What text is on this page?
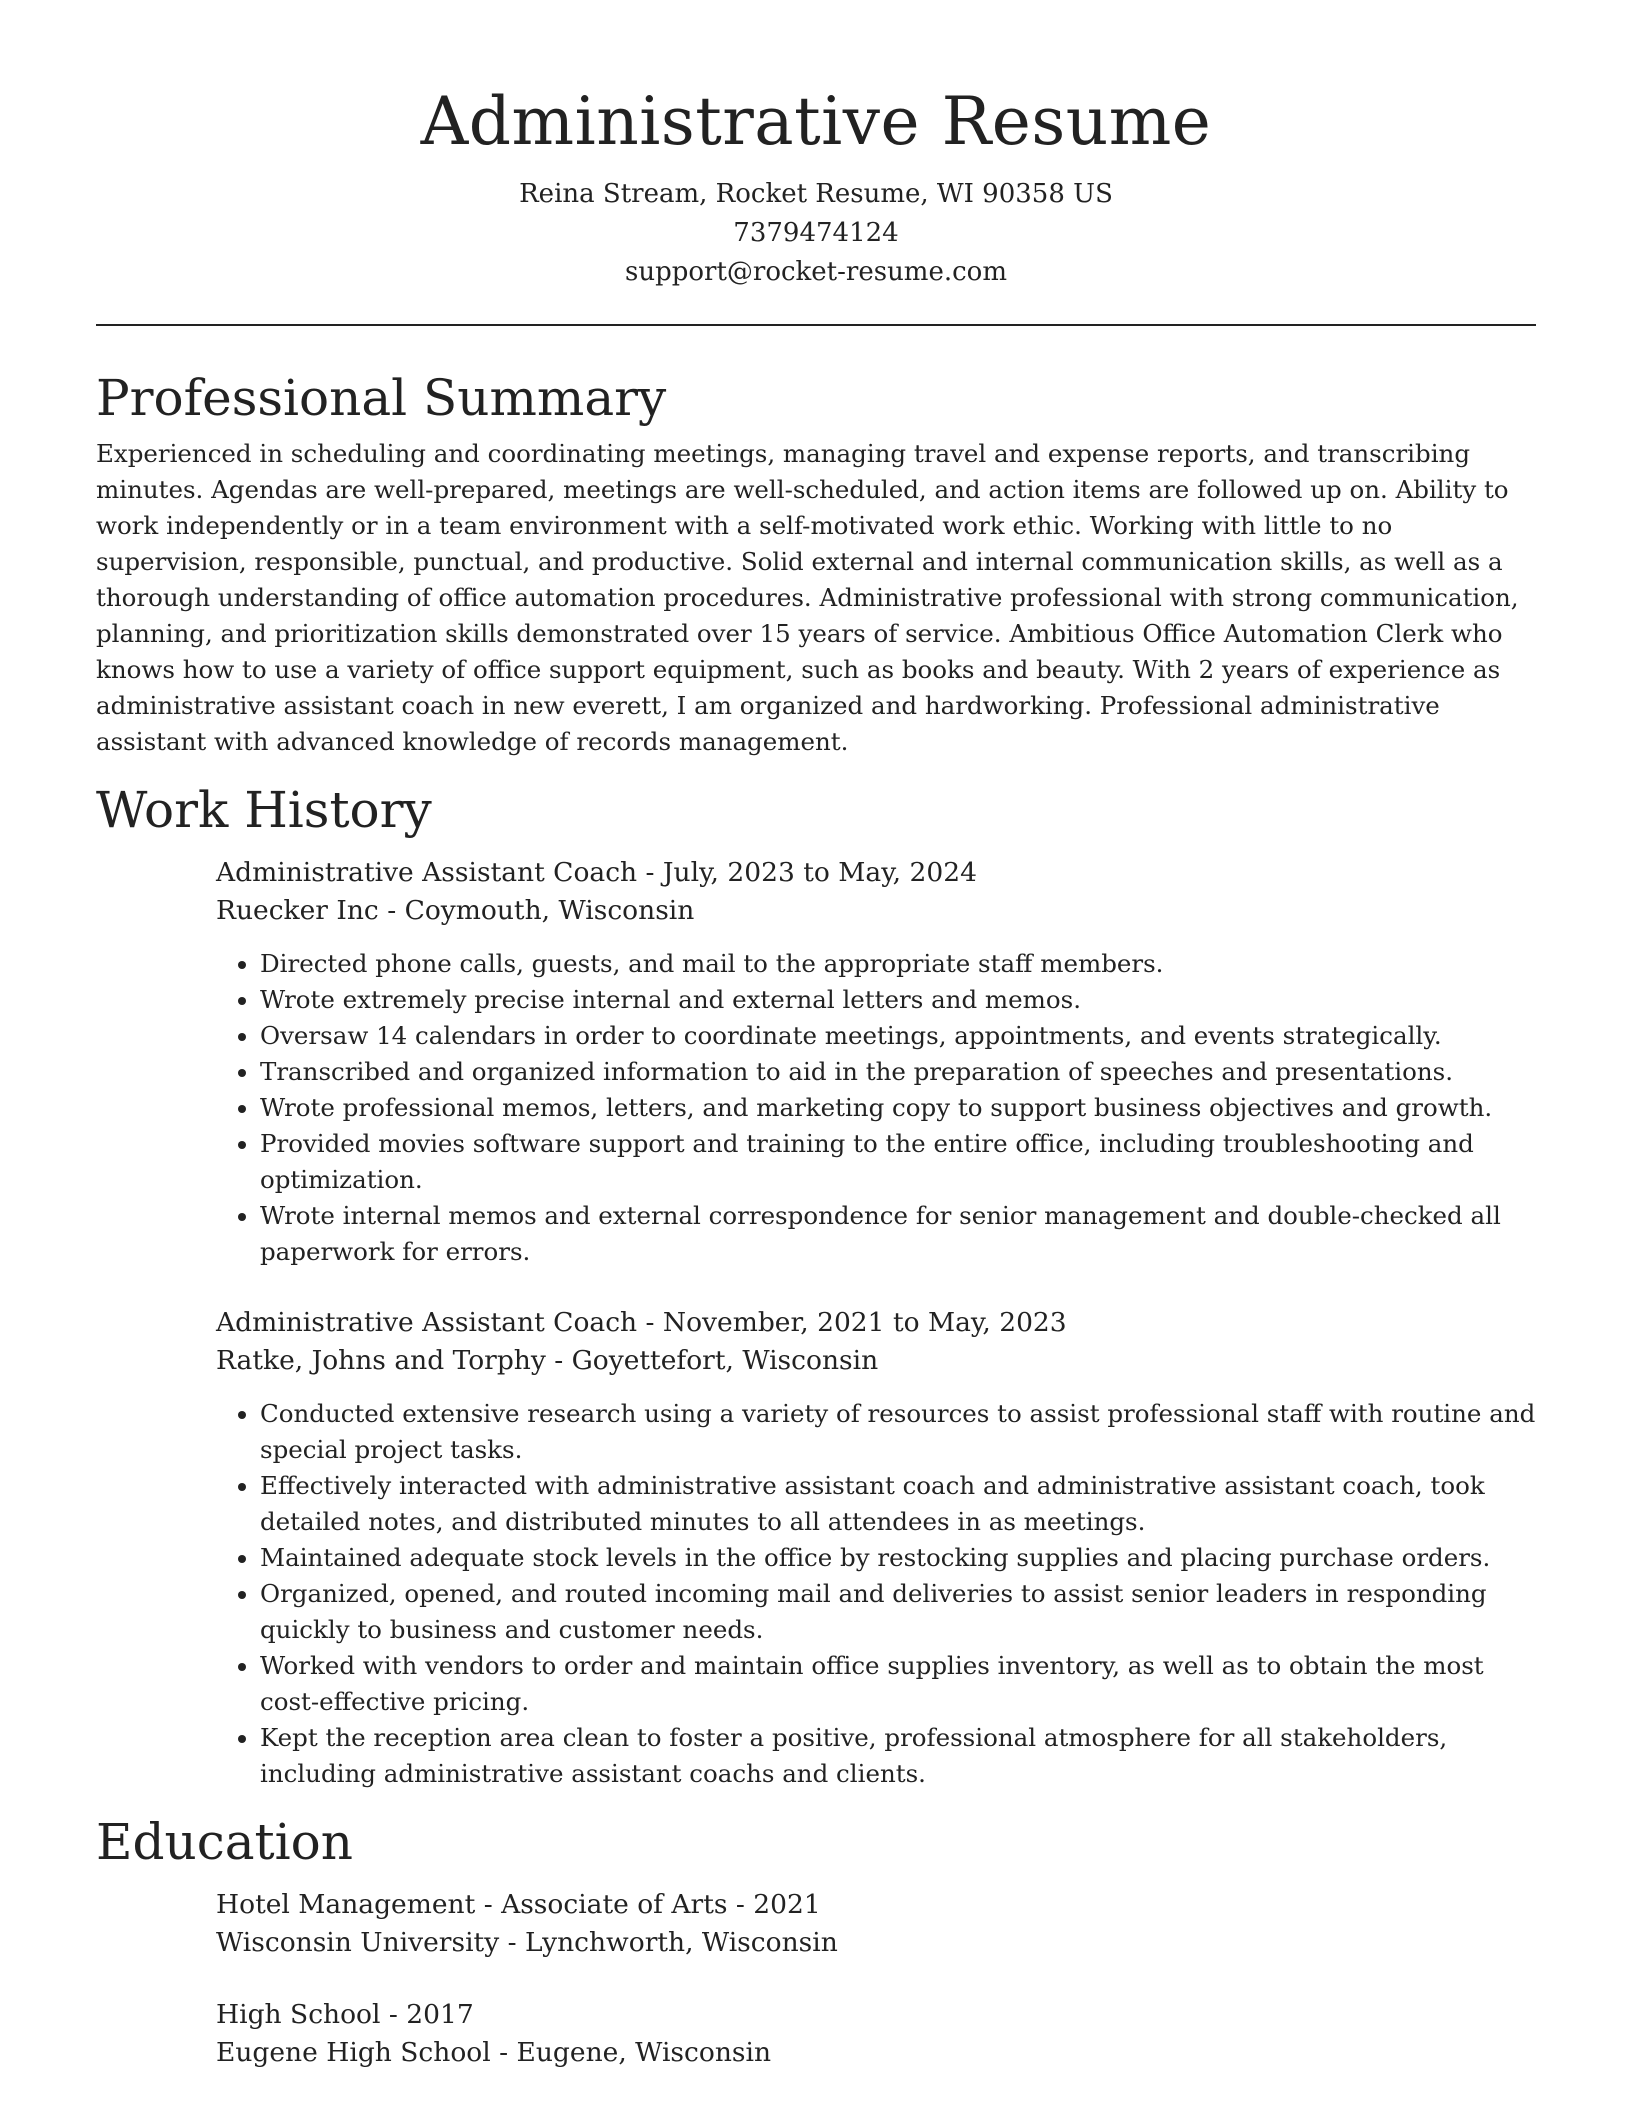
Administrative Resume
Reina Stream, Rocket Resume, WI 90358 US
7379474124
support@rocket-resume.com
Professional Summary

Experienced in scheduling and coordinating meetings, managing travel and expense reports, and transcribing minutes. Agendas are well-prepared, meetings are well-scheduled, and action items are followed up on. Ability to work independently or in a team environment with a self-motivated work ethic. Working with little to no supervision, responsible, punctual, and productive. Solid external and internal communication skills, as well as a thorough understanding of office automation procedures. Administrative professional with strong communication, planning, and prioritization skills demonstrated over 15 years of service. Ambitious Office Automation Clerk who knows how to use a variety of office support equipment, such as books and beauty. With 2 years of experience as administrative assistant coach in new everett, I am organized and hardworking. Professional administrative assistant with advanced knowledge of records management.

Work History
Administrative Assistant Coach - July, 2023 to May, 2024
Ruecker Inc - Coymouth, Wisconsin
• Directed phone calls, guests, and mail to the appropriate staff members.
• Wrote extremely precise internal and external letters and memos.
• Oversaw 14 calendars in order to coordinate meetings, appointments, and events strategically.
• Transcribed and organized information to aid in the preparation of speeches and presentations.
• Wrote professional memos, letters, and marketing copy to support business objectives and growth.
• Provided movies software support and training to the entire office, including troubleshooting and optimization.
• Wrote internal memos and external correspondence for senior management and double-checked all paperwork for errors.
Administrative Assistant Coach - November, 2021 to May, 2023
Ratke, Johns and Torphy - Goyettefort, Wisconsin
• Conducted extensive research using a variety of resources to assist professional staff with routine and special project tasks.
• Effectively interacted with administrative assistant coach and administrative assistant coach, took detailed notes, and distributed minutes to all attendees in as meetings.
• Maintained adequate stock levels in the office by restocking supplies and placing purchase orders.
• Organized, opened, and routed incoming mail and deliveries to assist senior leaders in responding quickly to business and customer needs.
• Worked with vendors to order and maintain office supplies inventory, as well as to obtain the most cost-effective pricing.
• Kept the reception area clean to foster a positive, professional atmosphere for all stakeholders, including administrative assistant coachs and clients.
Education
Hotel Management - Associate of Arts - 2021
Wisconsin University - Lynchworth, Wisconsin
High School - 2017
Eugene High School - Eugene, Wisconsin
